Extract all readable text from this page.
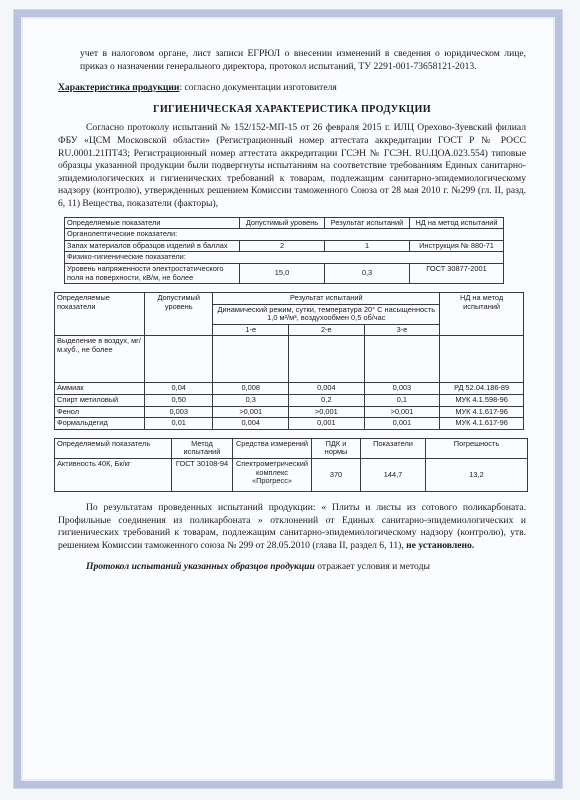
учет в налоговом органе, лист записи ЕГРЮЛ о внесении изменений в сведения о юридическом лице, приказ о назначении генерального директора, протокол испытаний, ТУ 2291-001-73658121-2013.

Характеристика продукции: согласно документации изготовителя

ГИГИЕНИЧЕСКАЯ ХАРАКТЕРИСТИКА ПРОДУКЦИИ

Согласно протоколу испытаний № 152/152-МП-15 от 26 февраля 2015 г. ИЛЦ Орехово-Зуевский филиал ФБУ «ЦСМ Московской области» (Регистрационный номер аттестата аккредитации ГОСТ Р № РОСС RU.0001.21ПТ43; Регистрационный номер аттестата аккредитации ГСЭН № ГСЭН. RU.ЦОА.023.554) типовые образцы указанной продукции были подвергнуты испытаниям на соответствие требованиям Единых санитарно-эпидемиологических и гигиенических требований к товарам, подлежащим санитарно-эпидемиологическому надзору (контролю), утвержденных решением Комиссии таможенного Союза от 28 мая 2010 г. №299 (гл. II, разд. 6, 11) Вещества, показатели (факторы),

Определяемые показатели	Допустимый уровень	Результат испытаний	НД на метод испытаний
Органолептические показатели:			
Запах материалов образцов изделий в баллах	2	1	Инструкция № 880-71
Физико-гигиенические показатели:			
Уровень напряженности электростатического поля на поверхности, кВ/м, не более	15,0	0,3	ГОСТ 30877-2001
Определяемые показатели	Допустимый уровень	Результат испытаний			НД на метод испытаний
		Динамический режим, сутки, температура 20° С насыщенность 1,0 м²/м³, воздухообмен 0,5 об/час			
		1-е	2-е	3-е	
Выделение в воздух, мг/м.куб., не более					
Аммиак	0,04	0,008	0,004	0,003	РД 52.04.186-89
Спирт метиловый	0,50	0,3	0,2	0,1	МУК 4.1.598-96
Фенол	0,003	>0,001	>0,001	>0,001	МУК 4.1.617-96
Формальдегид	0,01	0,004	0,001	0,001	МУК 4.1.617-96
Определяемый показатель	Метод испытаний	Средства измерений	ПДК и нормы	Показатели	Погрешность
Активность 40К, Бк/кг	ГОСТ 30108-94	Спектрометрический комплекс «Прогресс»	370	144,7	13,2

По результатам проведенных испытаний продукции: « Плиты и листы из сотового поликарбоната. Профильные соединения из поликарбоната » отклонений от Единых санитарно-эпидемиологических и гигиенических требований к товарам, подлежащим санитарно-эпидемиологическому надзору (контролю), утв. решением Комиссии таможенного союза № 299 от 28.05.2010 (глава II, раздел 6, 11), не установлено.

Протокол испытаний указанных образцов продукции отражает условия и методы
